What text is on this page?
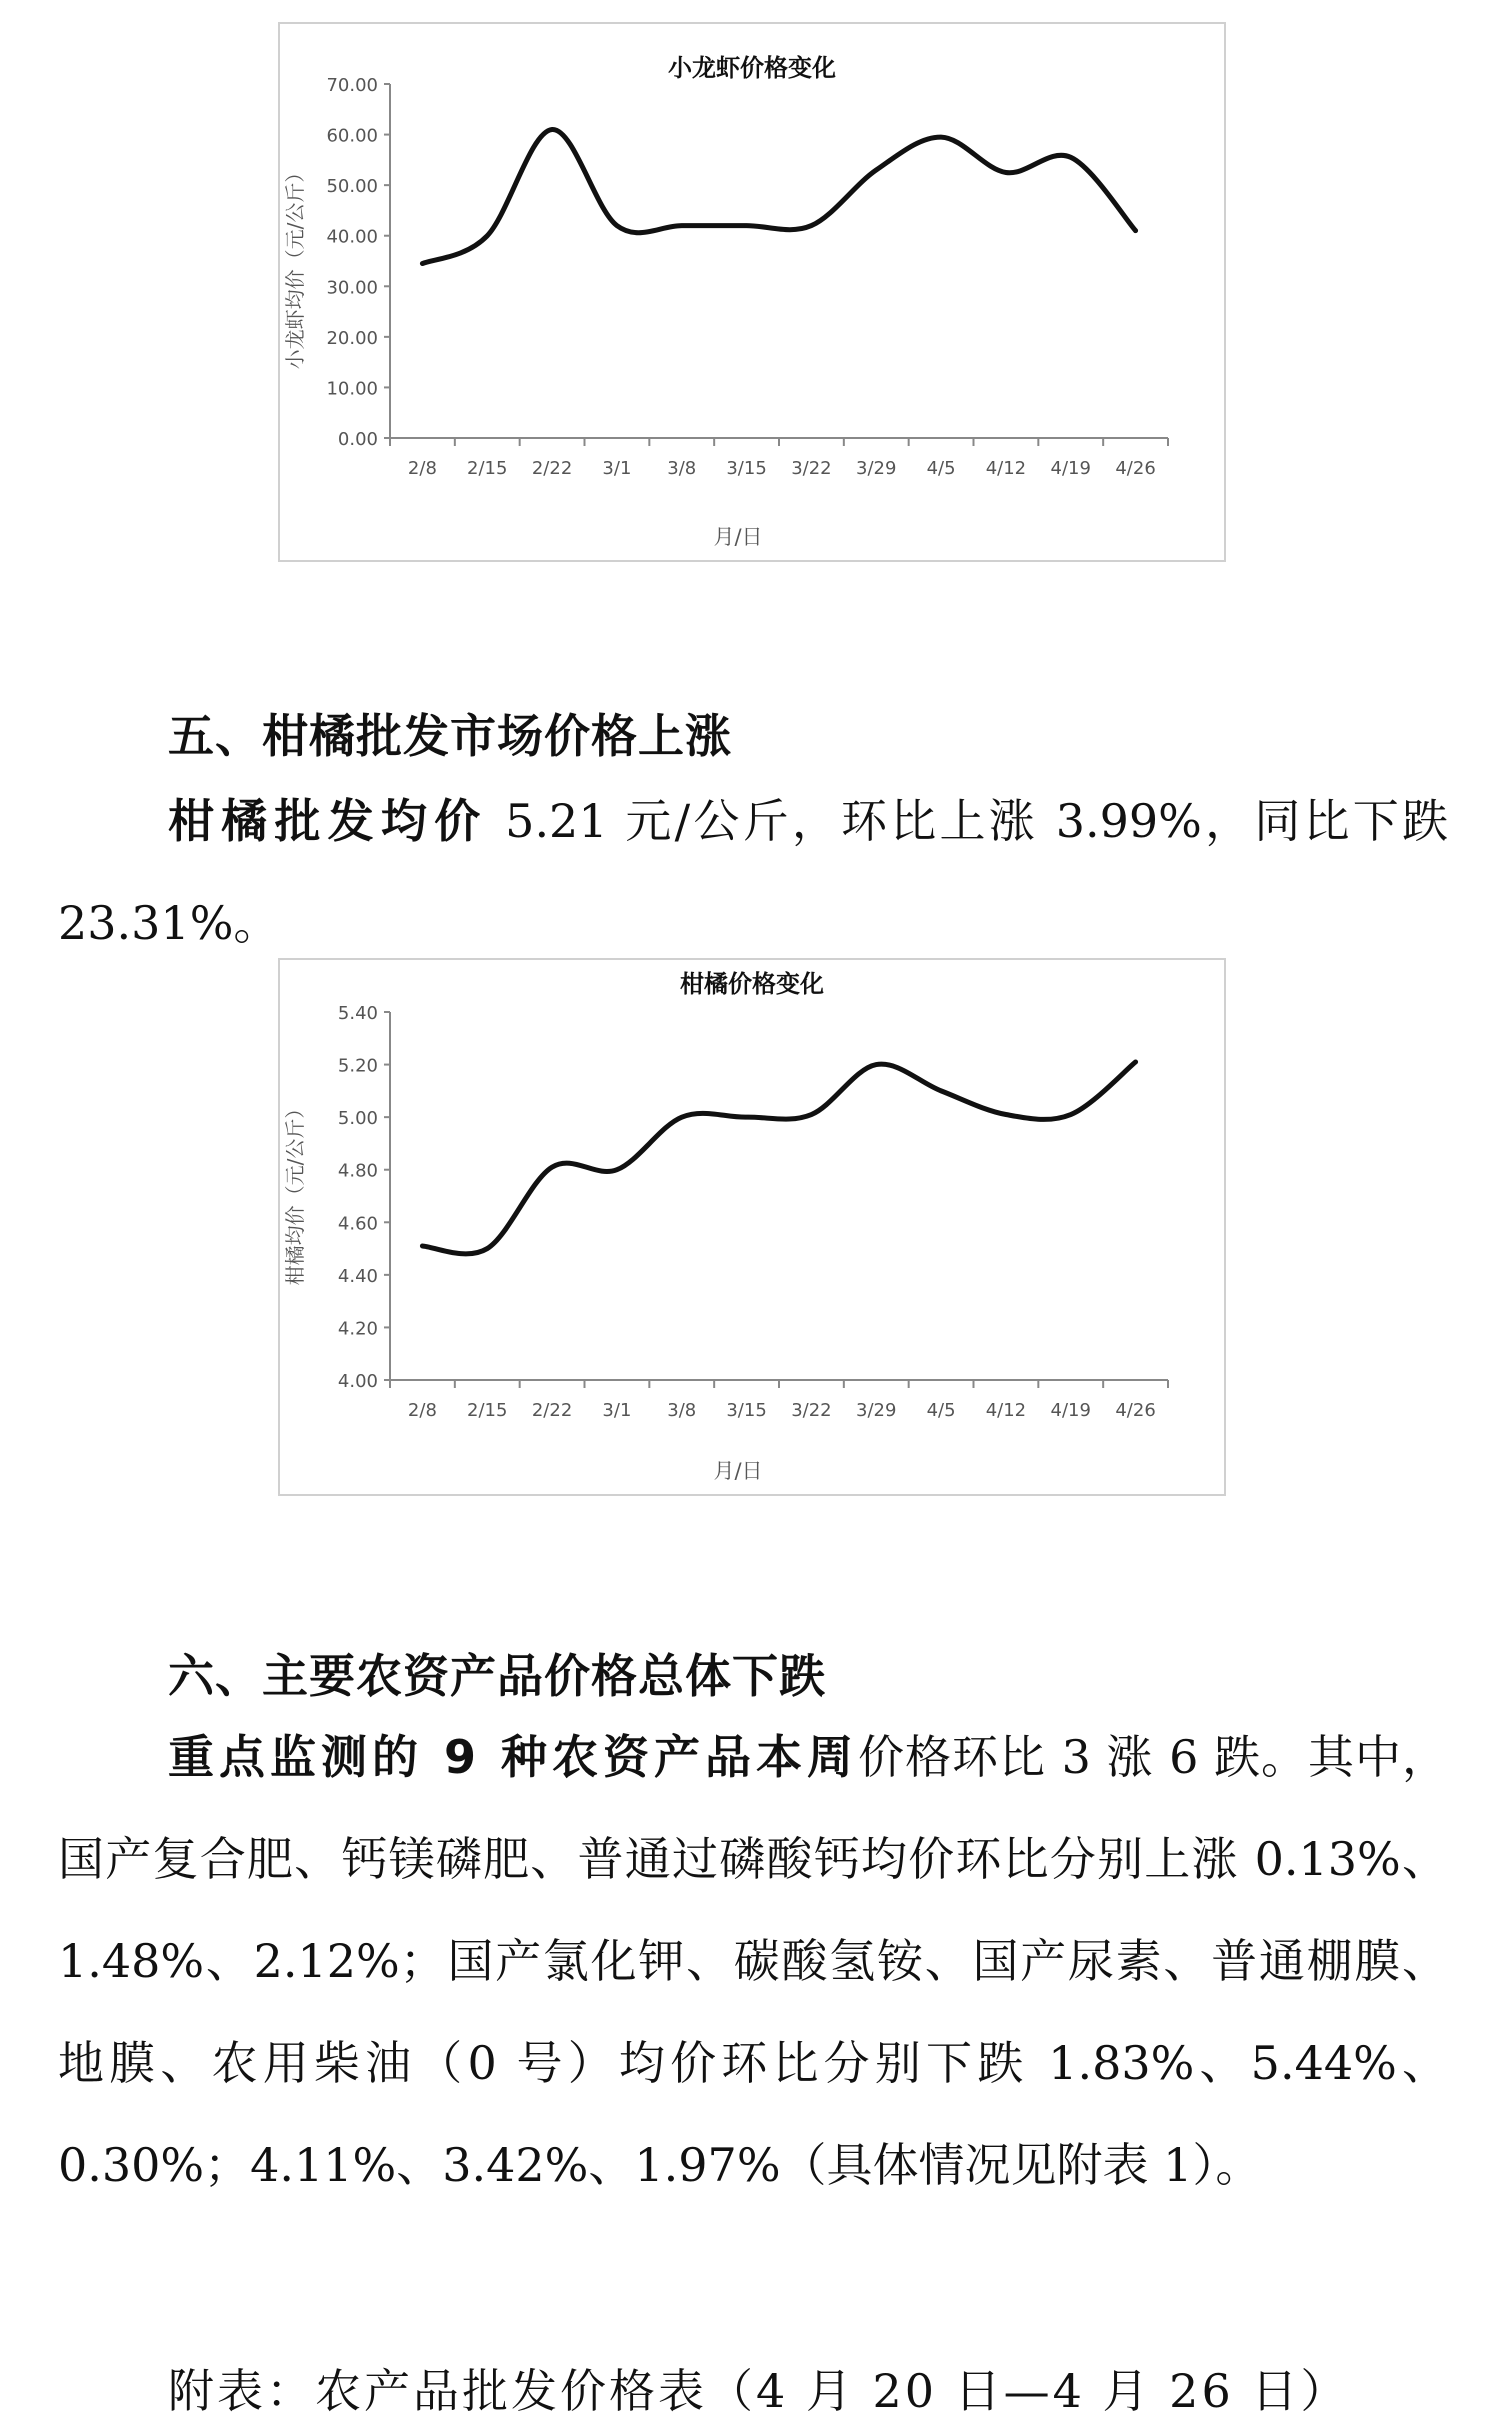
小龙虾价格变化
小龙虾均价（元/公斤）
月/日
0.00
10.00
20.00
30.00
40.00
50.00
60.00
70.00
2/8 2/15 2/22 3/1 3/8 3/15 3/22 3/29 4/5 4/12 4/19 4/26
五、柑橘批发市场价格上涨

柑橘批发均价 5.21 元/公斤，环比上涨 3.99%，同比下跌 23.31%。

柑橘价格变化
柑橘均价（元/公斤）
月/日
4.00
4.20
4.40
4.60
4.80
5.00
5.20
5.40
2/8 2/15 2/22 3/1 3/8 3/15 3/22 3/29 4/5 4/12 4/19 4/26
六、主要农资产品价格总体下跌

重点监测的 9 种农资产品本周价格环比 3 涨 6 跌。其中，国产复合肥、钙镁磷肥、普通过磷酸钙均价环比分别上涨 0.13%、1.48%、2.12%；国产氯化钾、碳酸氢铵、国产尿素、普通棚膜、地膜、农用柴油（0 号）均价环比分别下跌 1.83%、5.44%、0.30%；4.11%、3.42%、1.97%（具体情况见附表 1）。

附表：农产品批发价格表（4 月 20 日—4 月 26 日）
